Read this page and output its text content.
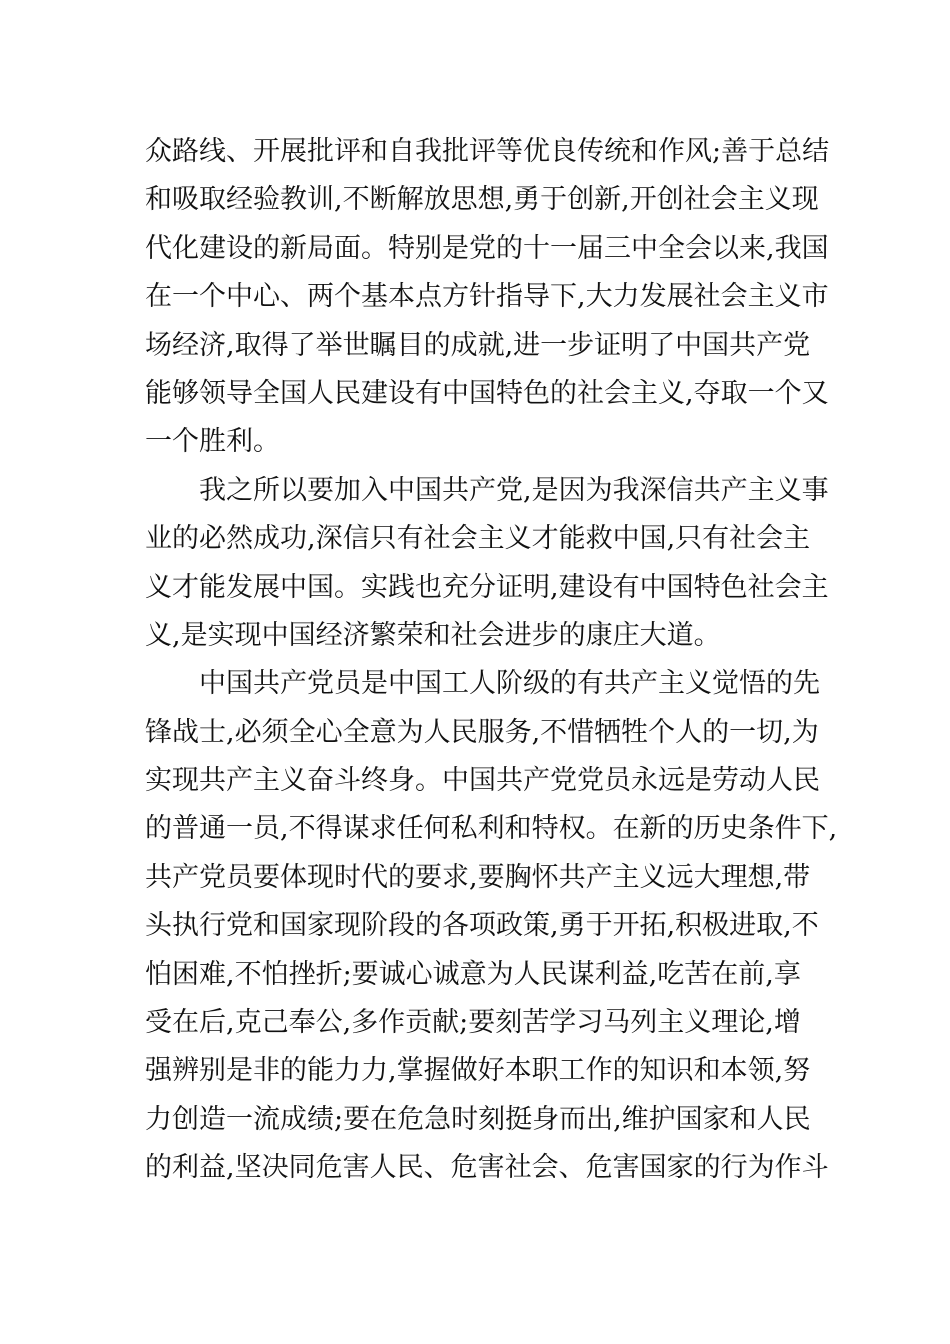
众路线、开展批评和自我批评等优良传统和作风;善于总结
和吸取经验教训,不断解放思想,勇于创新,开创社会主义现
代化建设的新局面。特别是党的十一届三中全会以来,我国
在一个中心、两个基本点方针指导下,大力发展社会主义市
场经济,取得了举世瞩目的成就,进一步证明了中国共产党
能够领导全国人民建设有中国特色的社会主义,夺取一个又
一个胜利。
我之所以要加入中国共产党,是因为我深信共产主义事
业的必然成功,深信只有社会主义才能救中国,只有社会主
义才能发展中国。实践也充分证明,建设有中国特色社会主
义,是实现中国经济繁荣和社会进步的康庄大道。
中国共产党员是中国工人阶级的有共产主义觉悟的先
锋战士,必须全心全意为人民服务,不惜牺牲个人的一切,为
实现共产主义奋斗终身。中国共产党党员永远是劳动人民
的普通一员,不得谋求任何私利和特权。在新的历史条件下,
共产党员要体现时代的要求,要胸怀共产主义远大理想,带
头执行党和国家现阶段的各项政策,勇于开拓,积极进取,不
怕困难,不怕挫折;要诚心诚意为人民谋利益,吃苦在前,享
受在后,克己奉公,多作贡献;要刻苦学习马列主义理论,增
强辨别是非的能力力,掌握做好本职工作的知识和本领,努
力创造一流成绩;要在危急时刻挺身而出,维护国家和人民
的利益,坚决同危害人民、危害社会、危害国家的行为作斗
